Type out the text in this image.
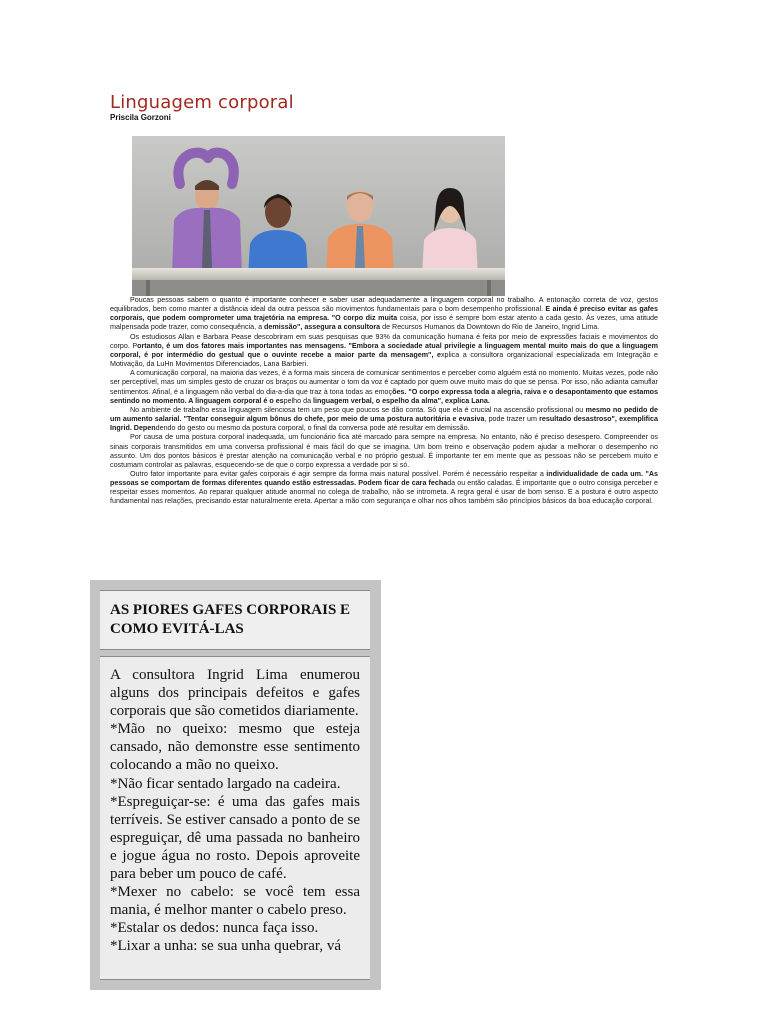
Linguagem corporal

Priscila Gorzoni

Poucas pessoas sabem o quanto é importante conhecer e saber usar adequadamente a linguagem corporal no trabalho. A entonação correta de voz, gestos equilibrados, bem como manter a distância ideal da outra pessoa são movimentos fundamentais para o bom desempenho profissional. E ainda é preciso evitar as gafes corporais, que podem comprometer uma trajetória na empresa. "O corpo diz muita coisa, por isso é sempre bom estar atento a cada gesto. Às vezes, uma atitude malpensada pode trazer, como consequência, a demissão", assegura a consultora de Recursos Humanos da Downtown do Rio de Janeiro, Ingrid Lima.

Os estudiosos Allan e Barbara Pease descobriram em suas pesquisas que 93% da comunicação humana é feita por meio de expressões faciais e movimentos do corpo. Portanto, é um dos fatores mais importantes nas mensagens. "Embora a sociedade atual privilegie a linguagem mental muito mais do que a linguagem corporal, é por intermédio do gestual que o ouvinte recebe a maior parte da mensagem", explica a consultora organizacional especializada em Integração e Motivação, da LuHn Movimentos Diferenciados, Lana Barbieri.

A comunicação corporal, na maioria das vezes, é a forma mais sincera de comunicar sentimentos e perceber como alguém está no momento. Muitas vezes, pode não ser perceptível, mas um simples gesto de cruzar os braços ou aumentar o tom da voz é captado por quem ouve muito mais do que se pensa. Por isso, não adianta camuflar sentimentos. Afinal, é a linguagem não verbal do dia-a-dia que traz à tona todas as emoções. "O corpo expressa toda a alegria, raiva e o desapontamento que estamos sentindo no momento. A linguagem corporal é o espelho da linguagem verbal, o espelho da alma", explica Lana.

No ambiente de trabalho essa linguagem silenciosa tem um peso que poucos se dão conta. Só que ela é crucial na ascensão profissional ou mesmo no pedido de um aumento salarial. "Tentar conseguir algum bônus do chefe, por meio de uma postura autoritária e evasiva, pode trazer um resultado desastroso", exemplifica Ingrid. Dependendo do gesto ou mesmo da postura corporal, o final da conversa pode até resultar em demissão.

Por causa de uma postura corporal inadequada, um funcionário fica até marcado para sempre na empresa. No entanto, não é preciso desespero. Compreender os sinais corporais transmitidos em uma conversa profissional é mais fácil do que se imagina. Um bom treino e observação podem ajudar a melhorar o desempenho no assunto. Um dos pontos básicos é prestar atenção na comunicação verbal e no próprio gestual. É importante ter em mente que as pessoas não se percebem muito e costumam controlar as palavras, esquecendo-se de que o corpo expressa a verdade por si só.

Outro fator importante para evitar gafes corporais é agir sempre da forma mais natural possível. Porém é necessário respeitar a individualidade de cada um. "As pessoas se comportam de formas diferentes quando estão estressadas. Podem ficar de cara fechada ou então caladas. É importante que o outro consiga perceber e respeitar esses momentos. Ao reparar qualquer atitude anormal no colega de trabalho, não se intrometa. A regra geral é usar de bom senso. E a postura é outro aspecto fundamental nas relações, precisando estar naturalmente ereta. Apertar a mão com segurança e olhar nos olhos também são princípios básicos da boa educação corporal.

AS PIORES GAFES CORPORAIS E COMO EVITÁ-LAS
A consultora Ingrid Lima enumerou alguns dos principais defeitos e gafes corporais que são cometidos diariamente.
*Mão no queixo: mesmo que esteja cansado, não demonstre esse sentimento colocando a mão no queixo.
*Não ficar sentado largado na cadeira.
*Espreguiçar-se: é uma das gafes mais terríveis. Se estiver cansado a ponto de se espreguiçar, dê uma passada no banheiro e jogue água no rosto. Depois aproveite para beber um pouco de café.
*Mexer no cabelo: se você tem essa mania, é melhor manter o cabelo preso.
*Estalar os dedos: nunca faça isso.
*Lixar a unha: se sua unha quebrar, vá
